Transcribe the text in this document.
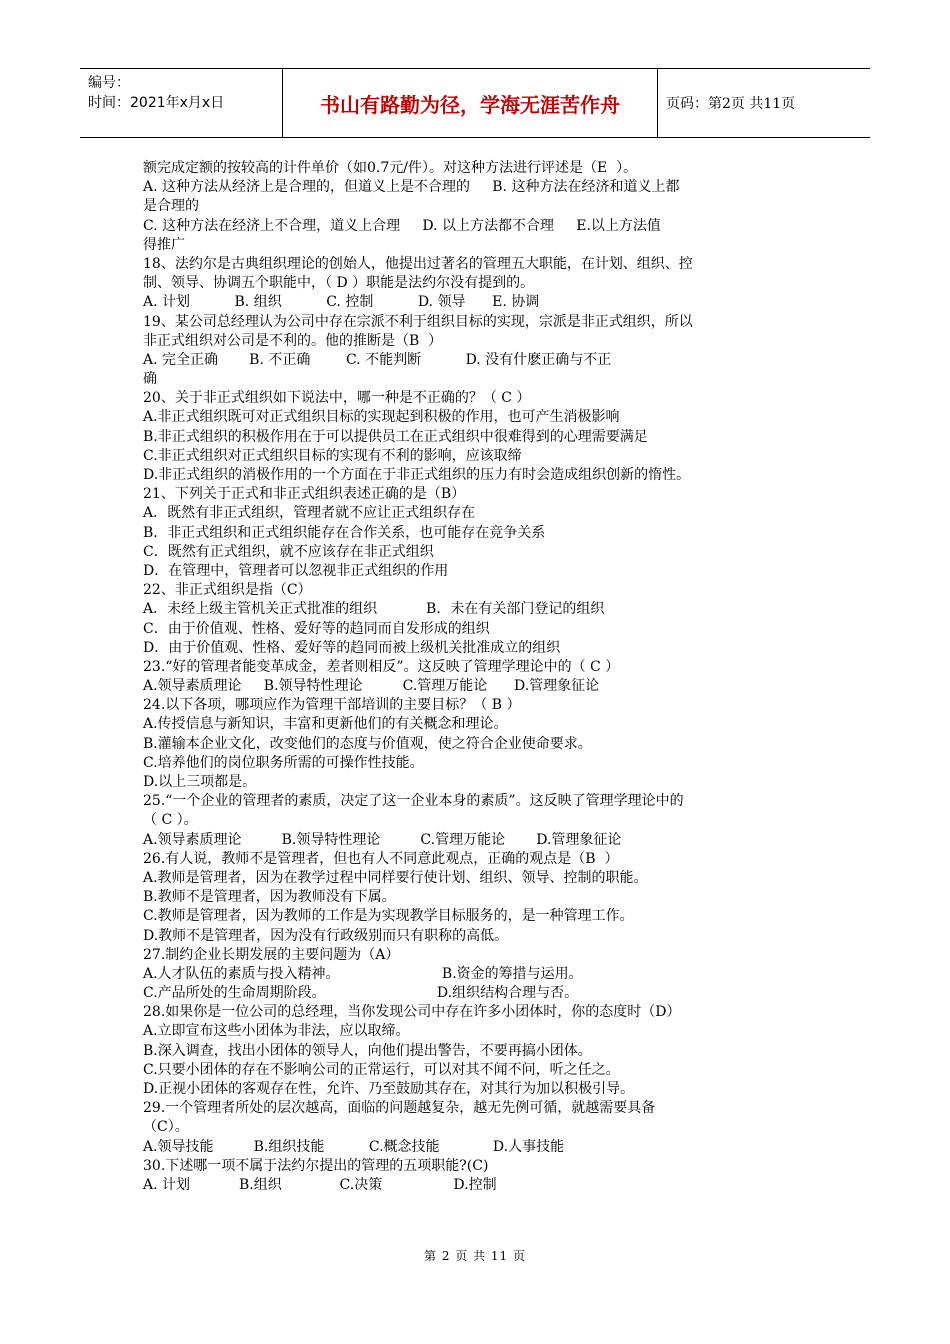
编号：
时间：2021年x月x日	书山有路勤为径，学海无涯苦作舟	页码：第2页 共11页
额完成定额的按较高的计件单价（如0.7元/件）。对这种方法进行评述是（E  ）。
A. 这种方法从经济上是合理的，但道义上是不合理的     B. 这种方法在经济和道义上都
是合理的
C. 这种方法在经济上不合理，道义上合理     D. 以上方法都不合理     E.以上方法值
得推广
18、法约尔是古典组织理论的创始人，他提出过著名的管理五大职能，在计划、组织、控
制、领导、协调五个职能中，（ D ）职能是法约尔没有提到的。
A. 计划          B. 组织          C. 控制          D. 领导      E. 协调
19、某公司总经理认为公司中存在宗派不利于组织目标的实现，宗派是非正式组织，所以
非正式组织对公司是不利的。他的推断是（B  ）
A. 完全正确       B. 不正确        C. 不能判断          D. 没有什麽正确与不正
确
20、关于非正式组织如下说法中，哪一种是不正确的？（ C ）
A.非正式组织既可对正式组织目标的实现起到积极的作用，也可产生消极影响
B.非正式组织的积极作用在于可以提供员工在正式组织中很难得到的心理需要满足
C.非正式组织对正式组织目标的实现有不利的影响，应该取缔
D.非正式组织的消极作用的一个方面在于非正式组织的压力有时会造成组织创新的惰性。
21、下列关于正式和非正式组织表述正确的是（B）
A．既然有非正式组织，管理者就不应让正式组织存在
B．非正式组织和正式组织能存在合作关系，也可能存在竞争关系
C．既然有正式组织，就不应该存在非正式组织
D．在管理中，管理者可以忽视非正式组织的作用
22、非正式组织是指（C）
A．未经上级主管机关正式批准的组织           B．未在有关部门登记的组织
C．由于价值观、性格、爱好等的趋同而自发形成的组织
D．由于价值观、性格、爱好等的趋同而被上级机关批准成立的组织
23.“好的管理者能变革成金，差者则相反”。这反映了管理学理论中的（ C ）
A.领导素质理论     B.领导特性理论         C.管理万能论      D.管理象征论
24.以下各项，哪项应作为管理干部培训的主要目标？（ B ）
A.传授信息与新知识，丰富和更新他们的有关概念和理论。
B.灌输本企业文化，改变他们的态度与价值观，使之符合企业使命要求。
C.培养他们的岗位职务所需的可操作性技能。
D.以上三项都是。
25.“一个企业的管理者的素质，决定了这一企业本身的素质”。这反映了管理学理论中的
（ C ）。
A.领导素质理论         B.领导特性理论         C.管理万能论       D.管理象征论
26.有人说，教师不是管理者，但也有人不同意此观点，正确的观点是（B  ）
A.教师是管理者，因为在教学过程中同样要行使计划、组织、领导、控制的职能。
B.教师不是管理者，因为教师没有下属。
C.教师是管理者，因为教师的工作是为实现教学目标服务的，是一种管理工作。
D.教师不是管理者，因为没有行政级别而只有职称的高低。
27.制约企业长期发展的主要问题为（A）
A.人才队伍的素质与投入精神。                       B.资金的筹措与运用。
C.产品所处的生命周期阶段。                         D.组织结构合理与否。
28.如果你是一位公司的总经理，当你发现公司中存在许多小团体时，你的态度时（D）
A.立即宣布这些小团体为非法，应以取缔。
B.深入调查，找出小团体的领导人，向他们提出警告，不要再搞小团体。
C.只要小团体的存在不影响公司的正常运行，可以对其不闻不问，听之任之。
D.正视小团体的客观存在性，允许、乃至鼓励其存在，对其行为加以积极引导。
29.一个管理者所处的层次越高，面临的问题越复杂，越无先例可循，就越需要具备
（C）。
A.领导技能         B.组织技能          C.概念技能            D.人事技能
30.下述哪一项不属于法约尔提出的管理的五项职能?(C)
A. 计划           B.组织             C.决策                D.控制
第 2 页 共 11 页
